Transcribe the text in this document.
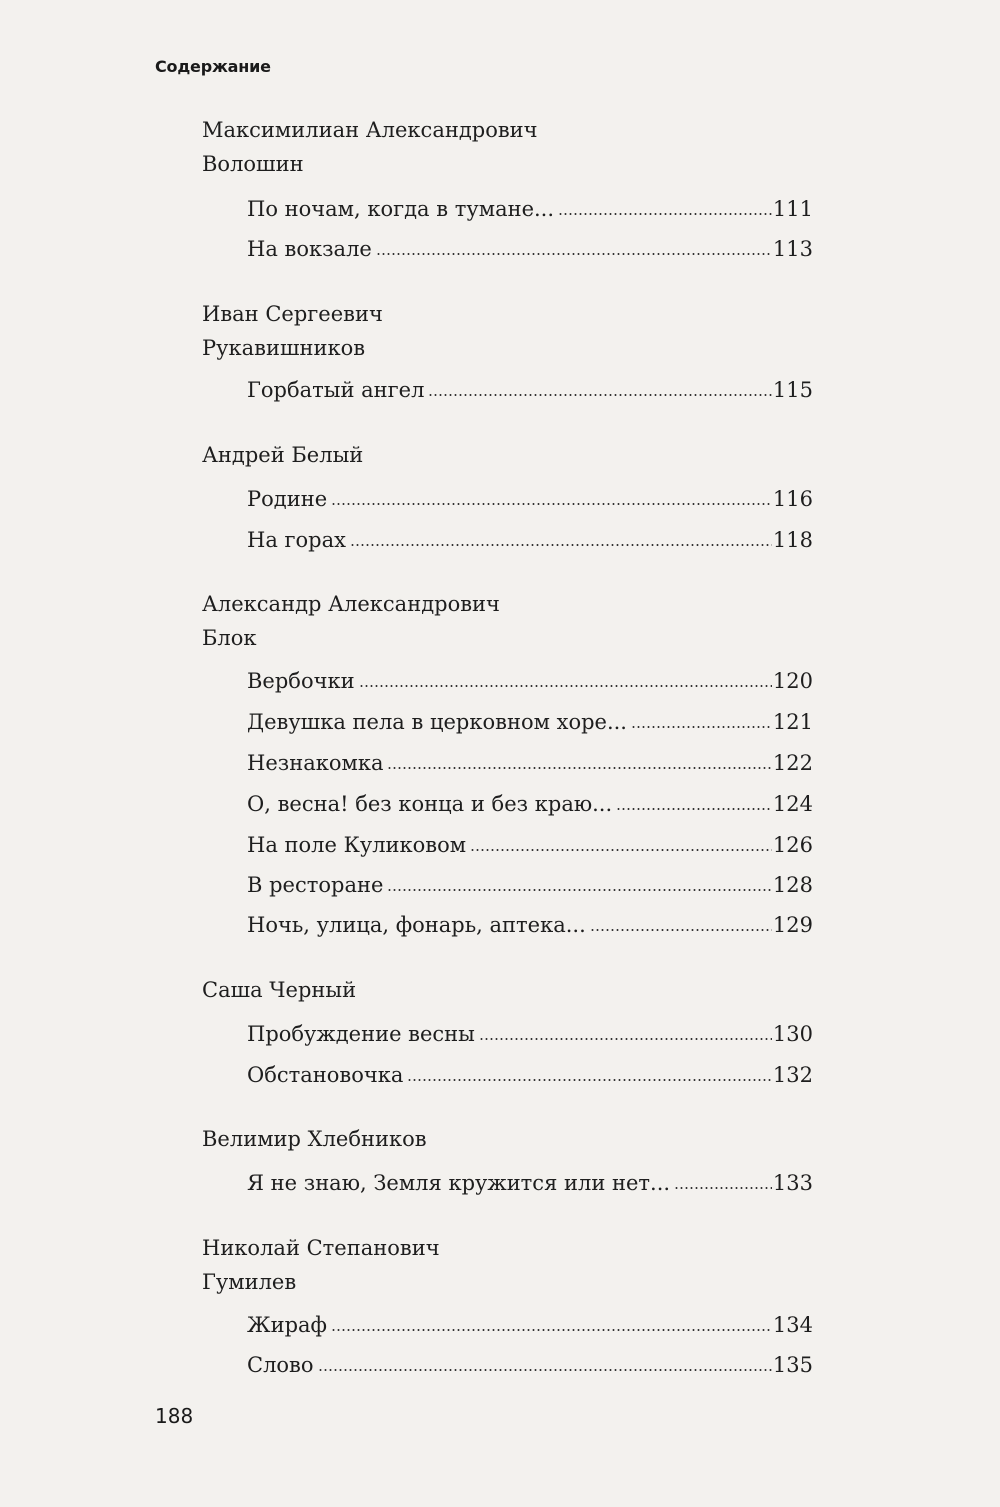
Содержание
Максимилиан Александрович
Волошин
По ночам, когда в тумане...	111
На вокзале	113
Иван Сергеевич
Рукавишников
Горбатый ангел	115
Андрей Белый
Родине	116
На горах	118
Александр Александрович
Блок
Вербочки	120
Девушка пела в церковном хоре...	121
Незнакомка	122
О, весна! без конца и без краю...	124
На поле Куликовом	126
В ресторане	128
Ночь, улица, фонарь, аптека...	129
Саша Черный
Пробуждение весны	130
Обстановочка	132
Велимир Хлебников
Я не знаю, Земля кружится или нет...	133
Николай Степанович
Гумилев
Жираф	134
Слово	135
188
